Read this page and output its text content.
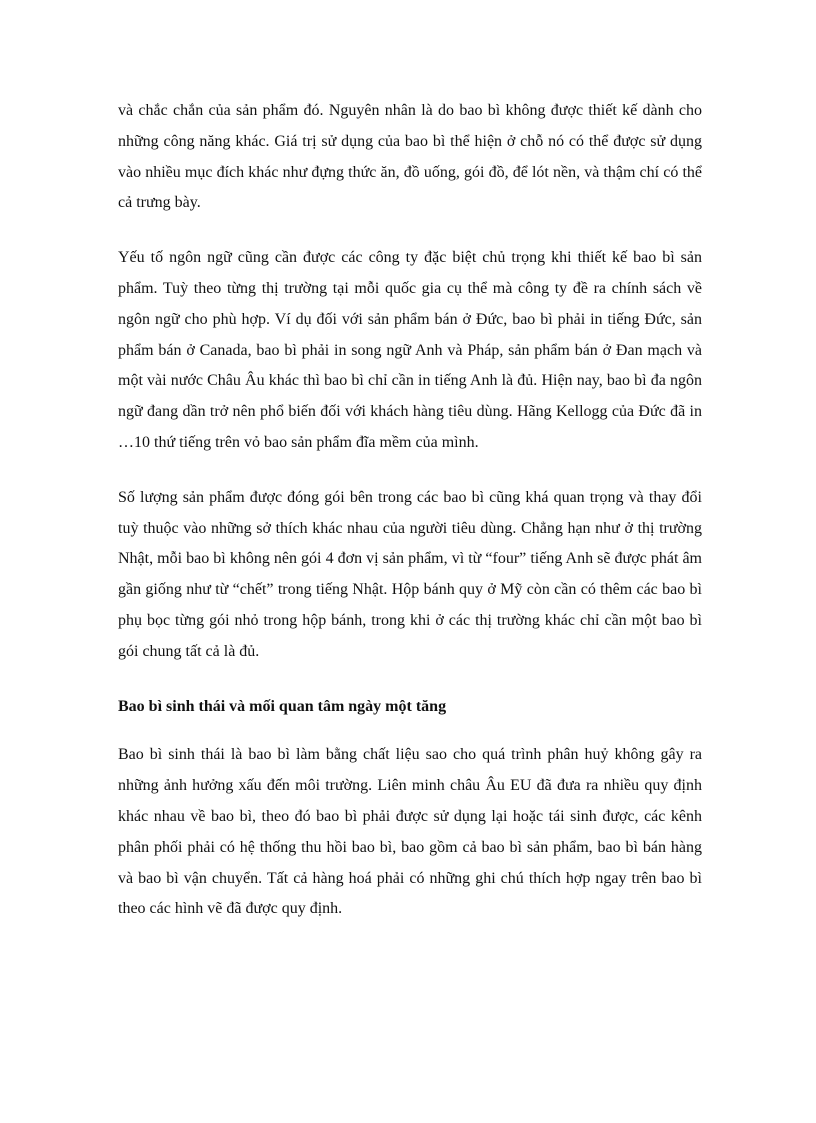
và chắc chắn của sản phẩm đó. Nguyên nhân là do bao bì không được thiết kế dành cho những công năng khác. Giá trị sử dụng của bao bì thể hiện ở chỗ nó có thể được sử dụng vào nhiều mục đích khác như đựng thức ăn, đồ uống, gói đồ, để lót nền, và thậm chí có thể cả trưng bày.

Yếu tố ngôn ngữ cũng cần được các công ty đặc biệt chủ trọng khi thiết kế bao bì sản phẩm. Tuỳ theo từng thị trường tại mỗi quốc gia cụ thể mà công ty đề ra chính sách về ngôn ngữ cho phù hợp. Ví dụ đối với sản phẩm bán ở Đức, bao bì phải in tiếng Đức, sản phẩm bán ở Canada, bao bì phải in song ngữ Anh và Pháp, sản phẩm bán ở Đan mạch và một vài nước Châu Âu khác thì bao bì chỉ cần in tiếng Anh là đủ. Hiện nay, bao bì đa ngôn ngữ đang dần trở nên phổ biến đối với khách hàng tiêu dùng. Hãng Kellogg của Đức đã in …10 thứ tiếng trên vỏ bao sản phẩm đĩa mềm của mình.

Số lượng sản phẩm được đóng gói bên trong các bao bì cũng khá quan trọng và thay đổi tuỳ thuộc vào những sở thích khác nhau của người tiêu dùng. Chẳng hạn như ở thị trường Nhật, mỗi bao bì không nên gói 4 đơn vị sản phẩm, vì từ “four” tiếng Anh sẽ được phát âm gần giống như từ “chết” trong tiếng Nhật. Hộp bánh quy ở Mỹ còn cần có thêm các bao bì phụ bọc từng gói nhỏ trong hộp bánh, trong khi ở các thị trường khác chỉ cần một bao bì gói chung tất cả là đủ.

Bao bì sinh thái và mối quan tâm ngày một tăng

Bao bì sinh thái là bao bì làm bằng chất liệu sao cho quá trình phân huỷ không gây ra những ảnh hưởng xấu đến môi trường. Liên minh châu Âu EU đã đưa ra nhiều quy định khác nhau về bao bì, theo đó bao bì phải được sử dụng lại hoặc tái sinh được, các kênh phân phối phải có hệ thống thu hồi bao bì, bao gồm cả bao bì sản phẩm, bao bì bán hàng và bao bì vận chuyển. Tất cả hàng hoá phải có những ghi chú thích hợp ngay trên bao bì theo các hình vẽ đã được quy định.
